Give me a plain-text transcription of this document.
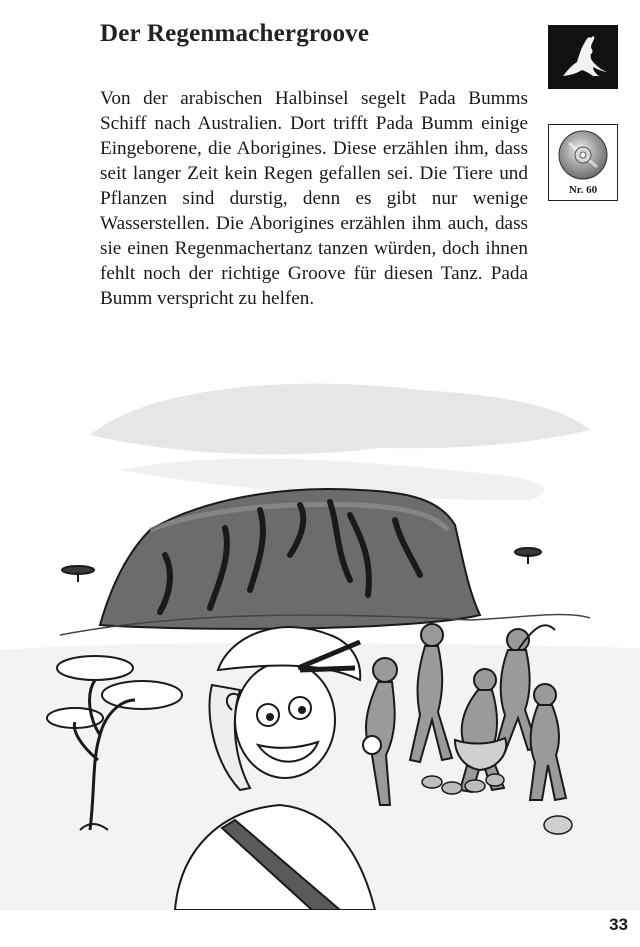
Der Regenmachergroove

Von der arabischen Halbinsel segelt Pada Bumms Schiff nach Australien. Dort trifft Pada Bumm einige Eingeborene, die Aborigines. Diese erzählen ihm, dass seit langer Zeit kein Regen gefallen sei. Die Tiere und Pflanzen sind durstig, denn es gibt nur wenige Wasserstellen. Die Aborigines erzählen ihm auch, dass sie einen Regenmachertanz tanzen würden, doch ihnen fehlt noch der richtige Groove für diesen Tanz. Pada Bumm verspricht zu helfen.

Nr. 60
33
